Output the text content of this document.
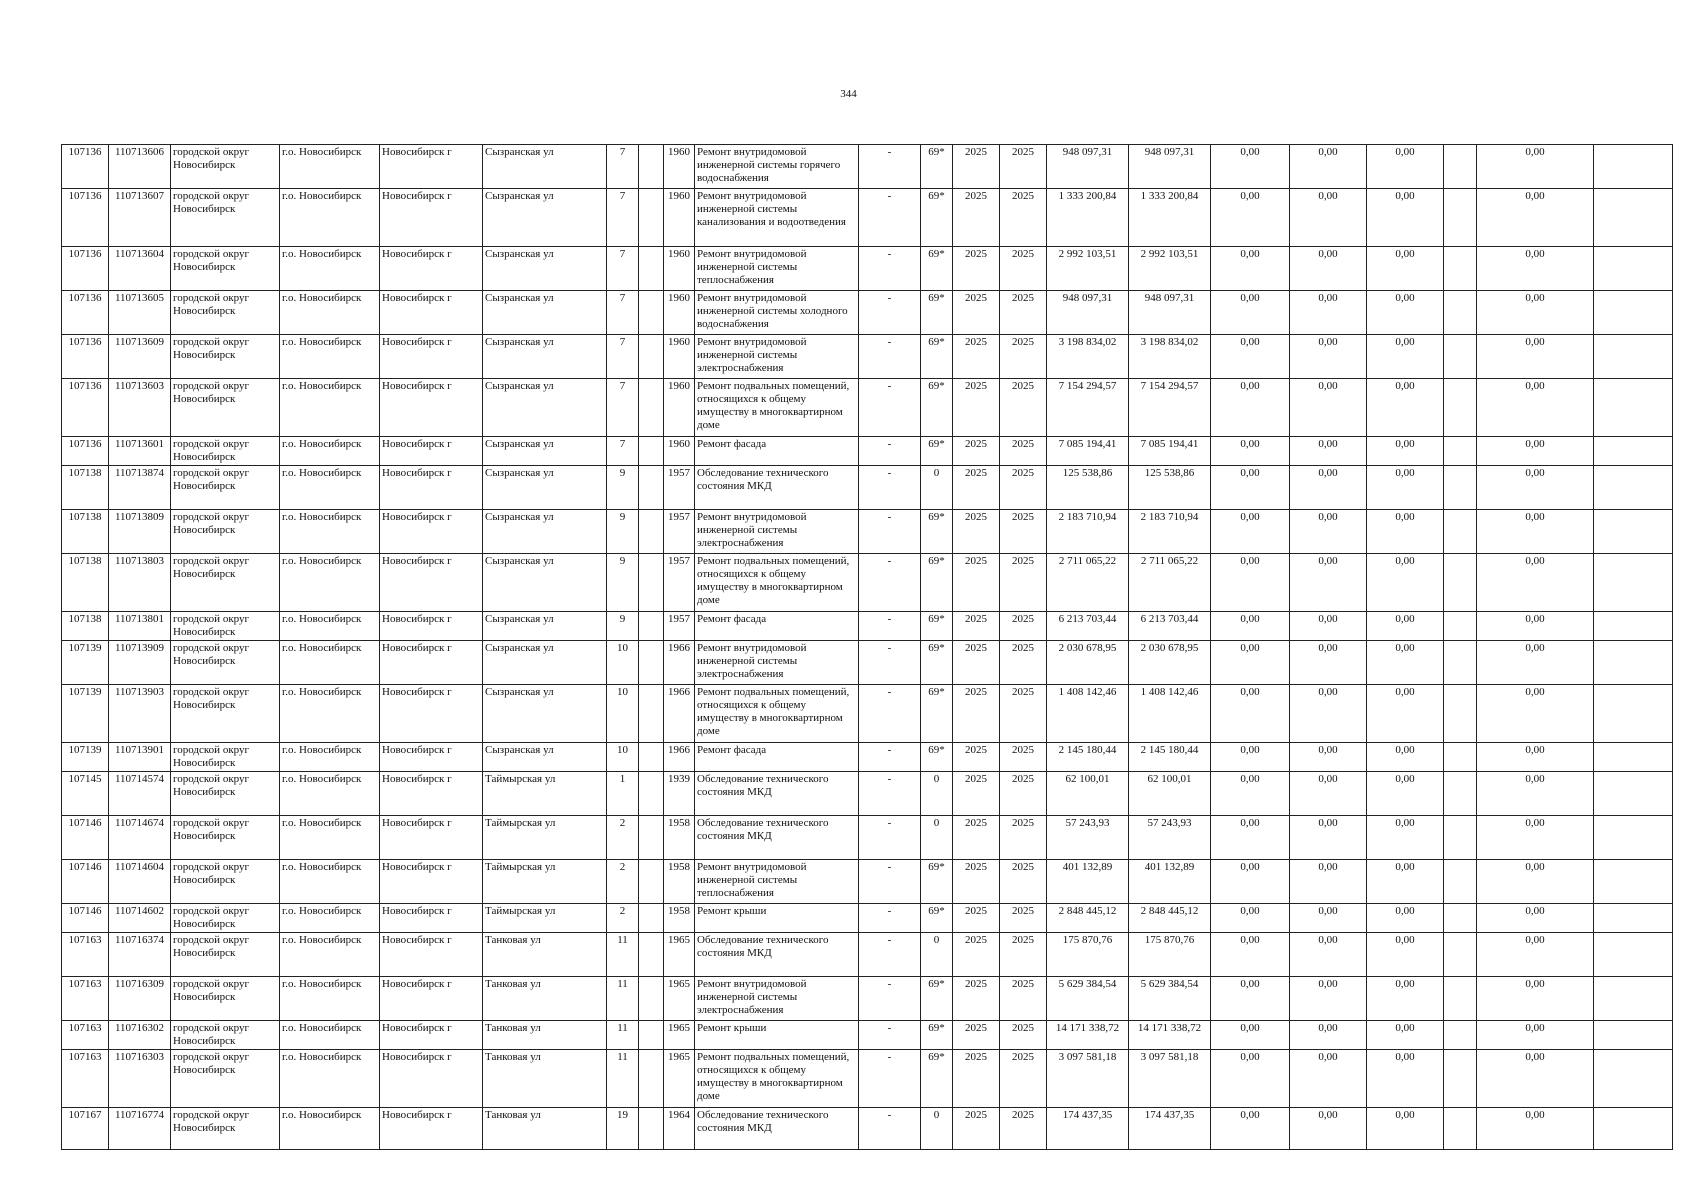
344
107136	110713606	городской округ Новосибирск	г.о. Новосибирск	Новосибирск г	Сызранская ул	7		1960	Ремонт внутридомовой инженерной системы горячего водоснабжения	-	69*	2025	2025	948 097,31	948 097,31	0,00	0,00	0,00		0,00	
107136	110713607	городской округ Новосибирск	г.о. Новосибирск	Новосибирск г	Сызранская ул	7		1960	Ремонт внутридомовой инженерной системы канализования и водоотведения	-	69*	2025	2025	1 333 200,84	1 333 200,84	0,00	0,00	0,00		0,00	
107136	110713604	городской округ Новосибирск	г.о. Новосибирск	Новосибирск г	Сызранская ул	7		1960	Ремонт внутридомовой инженерной системы теплоснабжения	-	69*	2025	2025	2 992 103,51	2 992 103,51	0,00	0,00	0,00		0,00	
107136	110713605	городской округ Новосибирск	г.о. Новосибирск	Новосибирск г	Сызранская ул	7		1960	Ремонт внутридомовой инженерной системы холодного водоснабжения	-	69*	2025	2025	948 097,31	948 097,31	0,00	0,00	0,00		0,00	
107136	110713609	городской округ Новосибирск	г.о. Новосибирск	Новосибирск г	Сызранская ул	7		1960	Ремонт внутридомовой инженерной системы электроснабжения	-	69*	2025	2025	3 198 834,02	3 198 834,02	0,00	0,00	0,00		0,00	
107136	110713603	городской округ Новосибирск	г.о. Новосибирск	Новосибирск г	Сызранская ул	7		1960	Ремонт подвальных помещений, относящихся к общему имуществу в многоквартирном доме	-	69*	2025	2025	7 154 294,57	7 154 294,57	0,00	0,00	0,00		0,00	
107136	110713601	городской округ Новосибирск	г.о. Новосибирск	Новосибирск г	Сызранская ул	7		1960	Ремонт фасада	-	69*	2025	2025	7 085 194,41	7 085 194,41	0,00	0,00	0,00		0,00	
107138	110713874	городской округ Новосибирск	г.о. Новосибирск	Новосибирск г	Сызранская ул	9		1957	Обследование технического состояния МКД	-	0	2025	2025	125 538,86	125 538,86	0,00	0,00	0,00		0,00	
107138	110713809	городской округ Новосибирск	г.о. Новосибирск	Новосибирск г	Сызранская ул	9		1957	Ремонт внутридомовой инженерной системы электроснабжения	-	69*	2025	2025	2 183 710,94	2 183 710,94	0,00	0,00	0,00		0,00	
107138	110713803	городской округ Новосибирск	г.о. Новосибирск	Новосибирск г	Сызранская ул	9		1957	Ремонт подвальных помещений, относящихся к общему имуществу в многоквартирном доме	-	69*	2025	2025	2 711 065,22	2 711 065,22	0,00	0,00	0,00		0,00	
107138	110713801	городской округ Новосибирск	г.о. Новосибирск	Новосибирск г	Сызранская ул	9		1957	Ремонт фасада	-	69*	2025	2025	6 213 703,44	6 213 703,44	0,00	0,00	0,00		0,00	
107139	110713909	городской округ Новосибирск	г.о. Новосибирск	Новосибирск г	Сызранская ул	10		1966	Ремонт внутридомовой инженерной системы электроснабжения	-	69*	2025	2025	2 030 678,95	2 030 678,95	0,00	0,00	0,00		0,00	
107139	110713903	городской округ Новосибирск	г.о. Новосибирск	Новосибирск г	Сызранская ул	10		1966	Ремонт подвальных помещений, относящихся к общему имуществу в многоквартирном доме	-	69*	2025	2025	1 408 142,46	1 408 142,46	0,00	0,00	0,00		0,00	
107139	110713901	городской округ Новосибирск	г.о. Новосибирск	Новосибирск г	Сызранская ул	10		1966	Ремонт фасада	-	69*	2025	2025	2 145 180,44	2 145 180,44	0,00	0,00	0,00		0,00	
107145	110714574	городской округ Новосибирск	г.о. Новосибирск	Новосибирск г	Таймырская ул	1		1939	Обследование технического состояния МКД	-	0	2025	2025	62 100,01	62 100,01	0,00	0,00	0,00		0,00	
107146	110714674	городской округ Новосибирск	г.о. Новосибирск	Новосибирск г	Таймырская ул	2		1958	Обследование технического состояния МКД	-	0	2025	2025	57 243,93	57 243,93	0,00	0,00	0,00		0,00	
107146	110714604	городской округ Новосибирск	г.о. Новосибирск	Новосибирск г	Таймырская ул	2		1958	Ремонт внутридомовой инженерной системы теплоснабжения	-	69*	2025	2025	401 132,89	401 132,89	0,00	0,00	0,00		0,00	
107146	110714602	городской округ Новосибирск	г.о. Новосибирск	Новосибирск г	Таймырская ул	2		1958	Ремонт крыши	-	69*	2025	2025	2 848 445,12	2 848 445,12	0,00	0,00	0,00		0,00	
107163	110716374	городской округ Новосибирск	г.о. Новосибирск	Новосибирск г	Танковая ул	11		1965	Обследование технического состояния МКД	-	0	2025	2025	175 870,76	175 870,76	0,00	0,00	0,00		0,00	
107163	110716309	городской округ Новосибирск	г.о. Новосибирск	Новосибирск г	Танковая ул	11		1965	Ремонт внутридомовой инженерной системы электроснабжения	-	69*	2025	2025	5 629 384,54	5 629 384,54	0,00	0,00	0,00		0,00	
107163	110716302	городской округ Новосибирск	г.о. Новосибирск	Новосибирск г	Танковая ул	11		1965	Ремонт крыши	-	69*	2025	2025	14 171 338,72	14 171 338,72	0,00	0,00	0,00		0,00	
107163	110716303	городской округ Новосибирск	г.о. Новосибирск	Новосибирск г	Танковая ул	11		1965	Ремонт подвальных помещений, относящихся к общему имуществу в многоквартирном доме	-	69*	2025	2025	3 097 581,18	3 097 581,18	0,00	0,00	0,00		0,00	
107167	110716774	городской округ Новосибирск	г.о. Новосибирск	Новосибирск г	Танковая ул	19		1964	Обследование технического состояния МКД	-	0	2025	2025	174 437,35	174 437,35	0,00	0,00	0,00		0,00	
